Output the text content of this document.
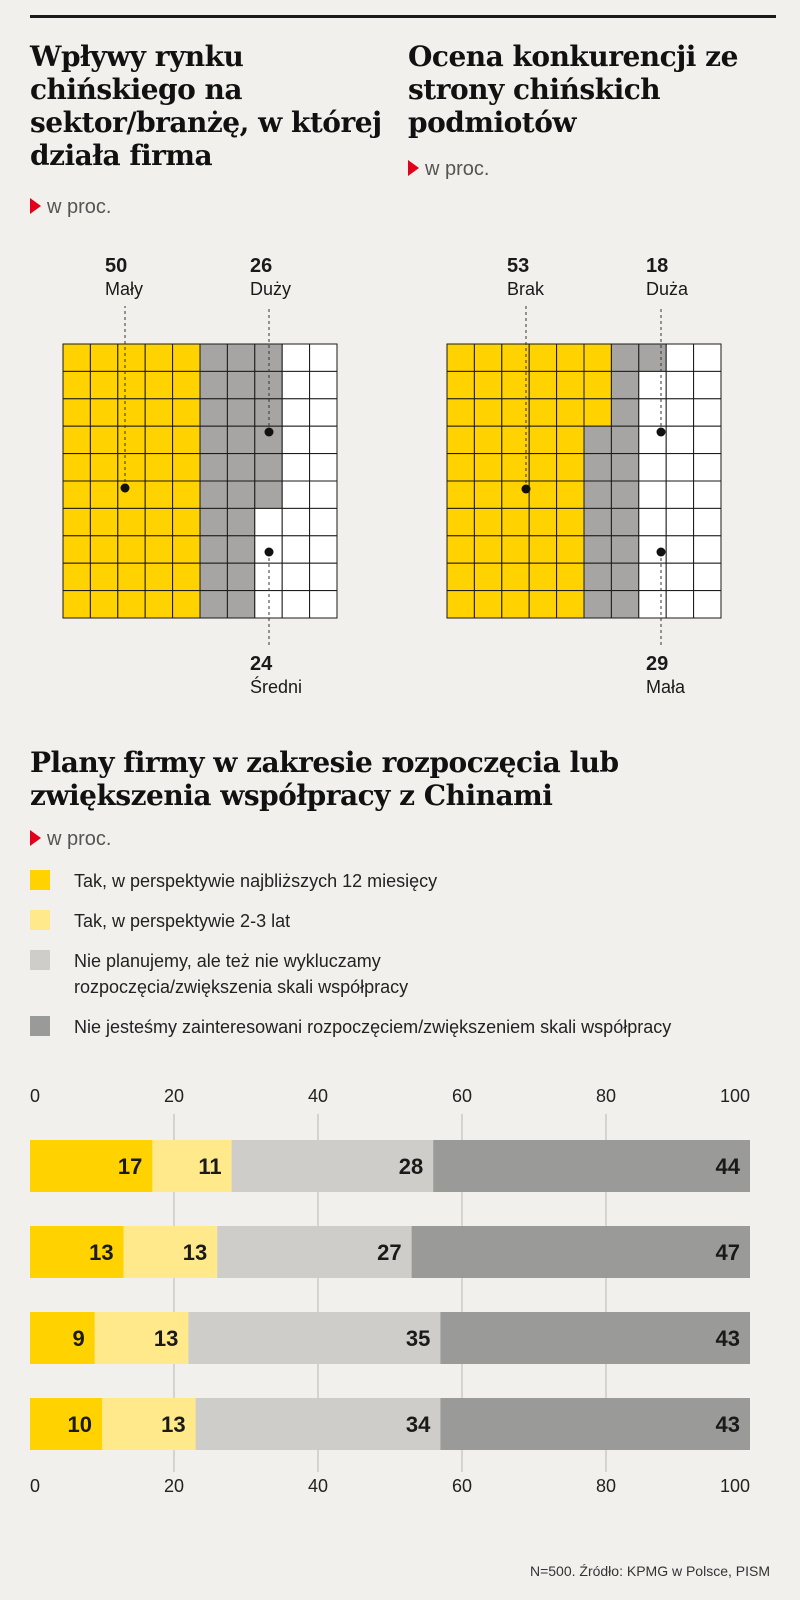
Wpływy rynku chińskiego na sektor/branżę, w której działa firma
w proc.
Ocena konkurencji ze strony chińskich podmiotów
w proc.
50
Mały
26
Duży
24
Średni
53
Brak
18
Duża
29
Mała
Plany firmy w zakresie rozpoczęcia lub zwiększenia współpracy z Chinami
w proc.
Tak, w perspektywie najbliższych 12 miesięcy
Tak, w perspektywie 2-3 lat
Nie planujemy, ale też nie wykluczamy rozpoczęcia/zwiększenia skali współpracy
Nie jesteśmy zainteresowani rozpoczęciem/zwiększeniem skali współpracy
0
0
20
20
40
40
60
60
80
80
100
100
17	11	28	44
13	13	27	47
9	13	35	43
10	13	34	43
N=500. Źródło: KPMG w Polsce, PISM
